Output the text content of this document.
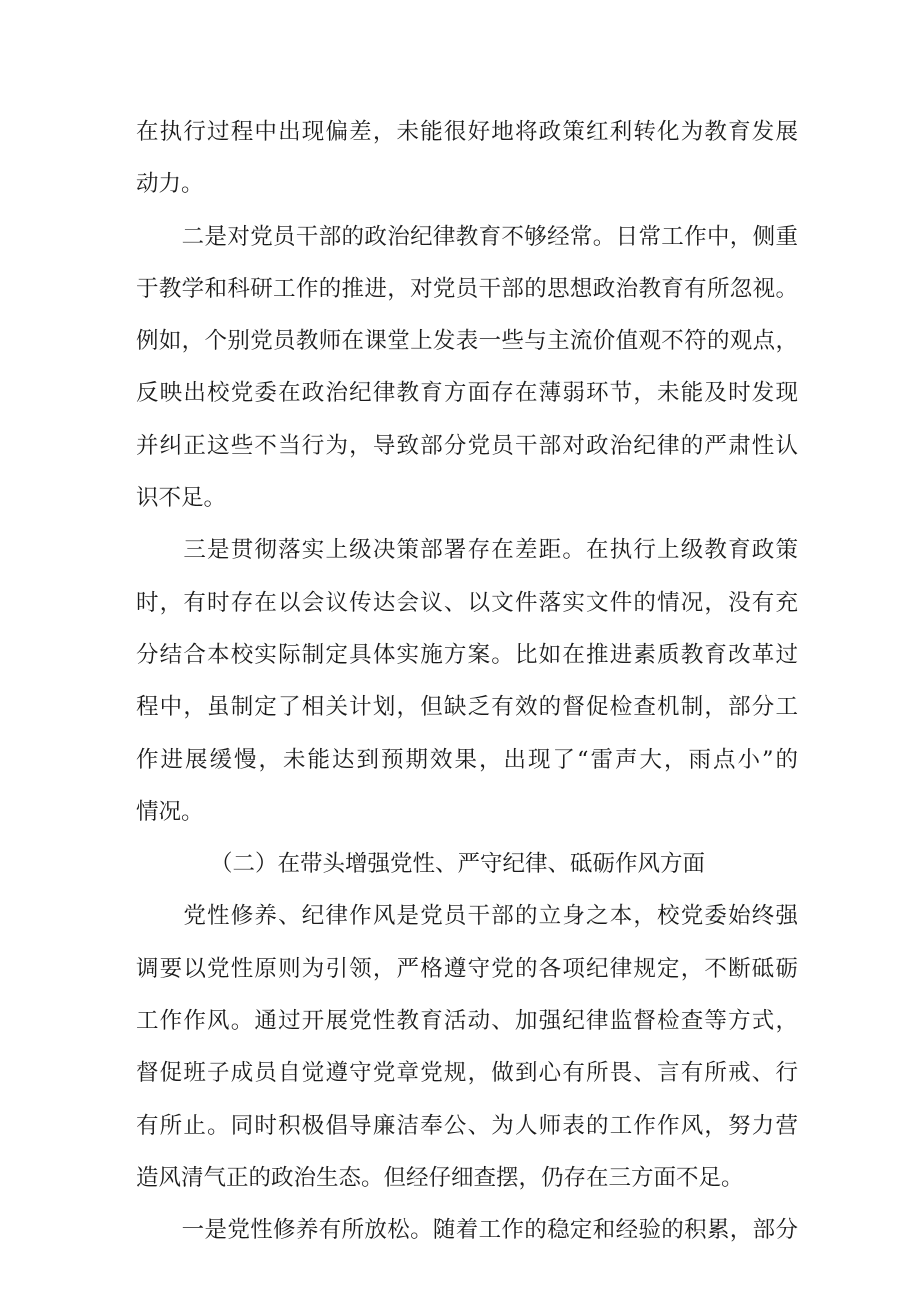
在执行过程中出现偏差，未能很好地将政策红利转化为教育发展
动力。
　　二是对党员干部的政治纪律教育不够经常。日常工作中，侧重
于教学和科研工作的推进，对党员干部的思想政治教育有所忽视。
例如，个别党员教师在课堂上发表一些与主流价值观不符的观点，
反映出校党委在政治纪律教育方面存在薄弱环节，未能及时发现
并纠正这些不当行为，导致部分党员干部对政治纪律的严肃性认
识不足。
　　三是贯彻落实上级决策部署存在差距。在执行上级教育政策
时，有时存在以会议传达会议、以文件落实文件的情况，没有充
分结合本校实际制定具体实施方案。比如在推进素质教育改革过
程中，虽制定了相关计划，但缺乏有效的督促检查机制，部分工
作进展缓慢，未能达到预期效果，出现了“雷声大，雨点小”的
情况。
（二）在带头增强党性、严守纪律、砥砺作风方面
　　党性修养、纪律作风是党员干部的立身之本，校党委始终强
调要以党性原则为引领，严格遵守党的各项纪律规定，不断砥砺
工作作风。通过开展党性教育活动、加强纪律监督检查等方式，
督促班子成员自觉遵守党章党规，做到心有所畏、言有所戒、行
有所止。同时积极倡导廉洁奉公、为人师表的工作作风，努力营
造风清气正的政治生态。但经仔细查摆，仍存在三方面不足。
　　一是党性修养有所放松。随着工作的稳定和经验的积累，部分
